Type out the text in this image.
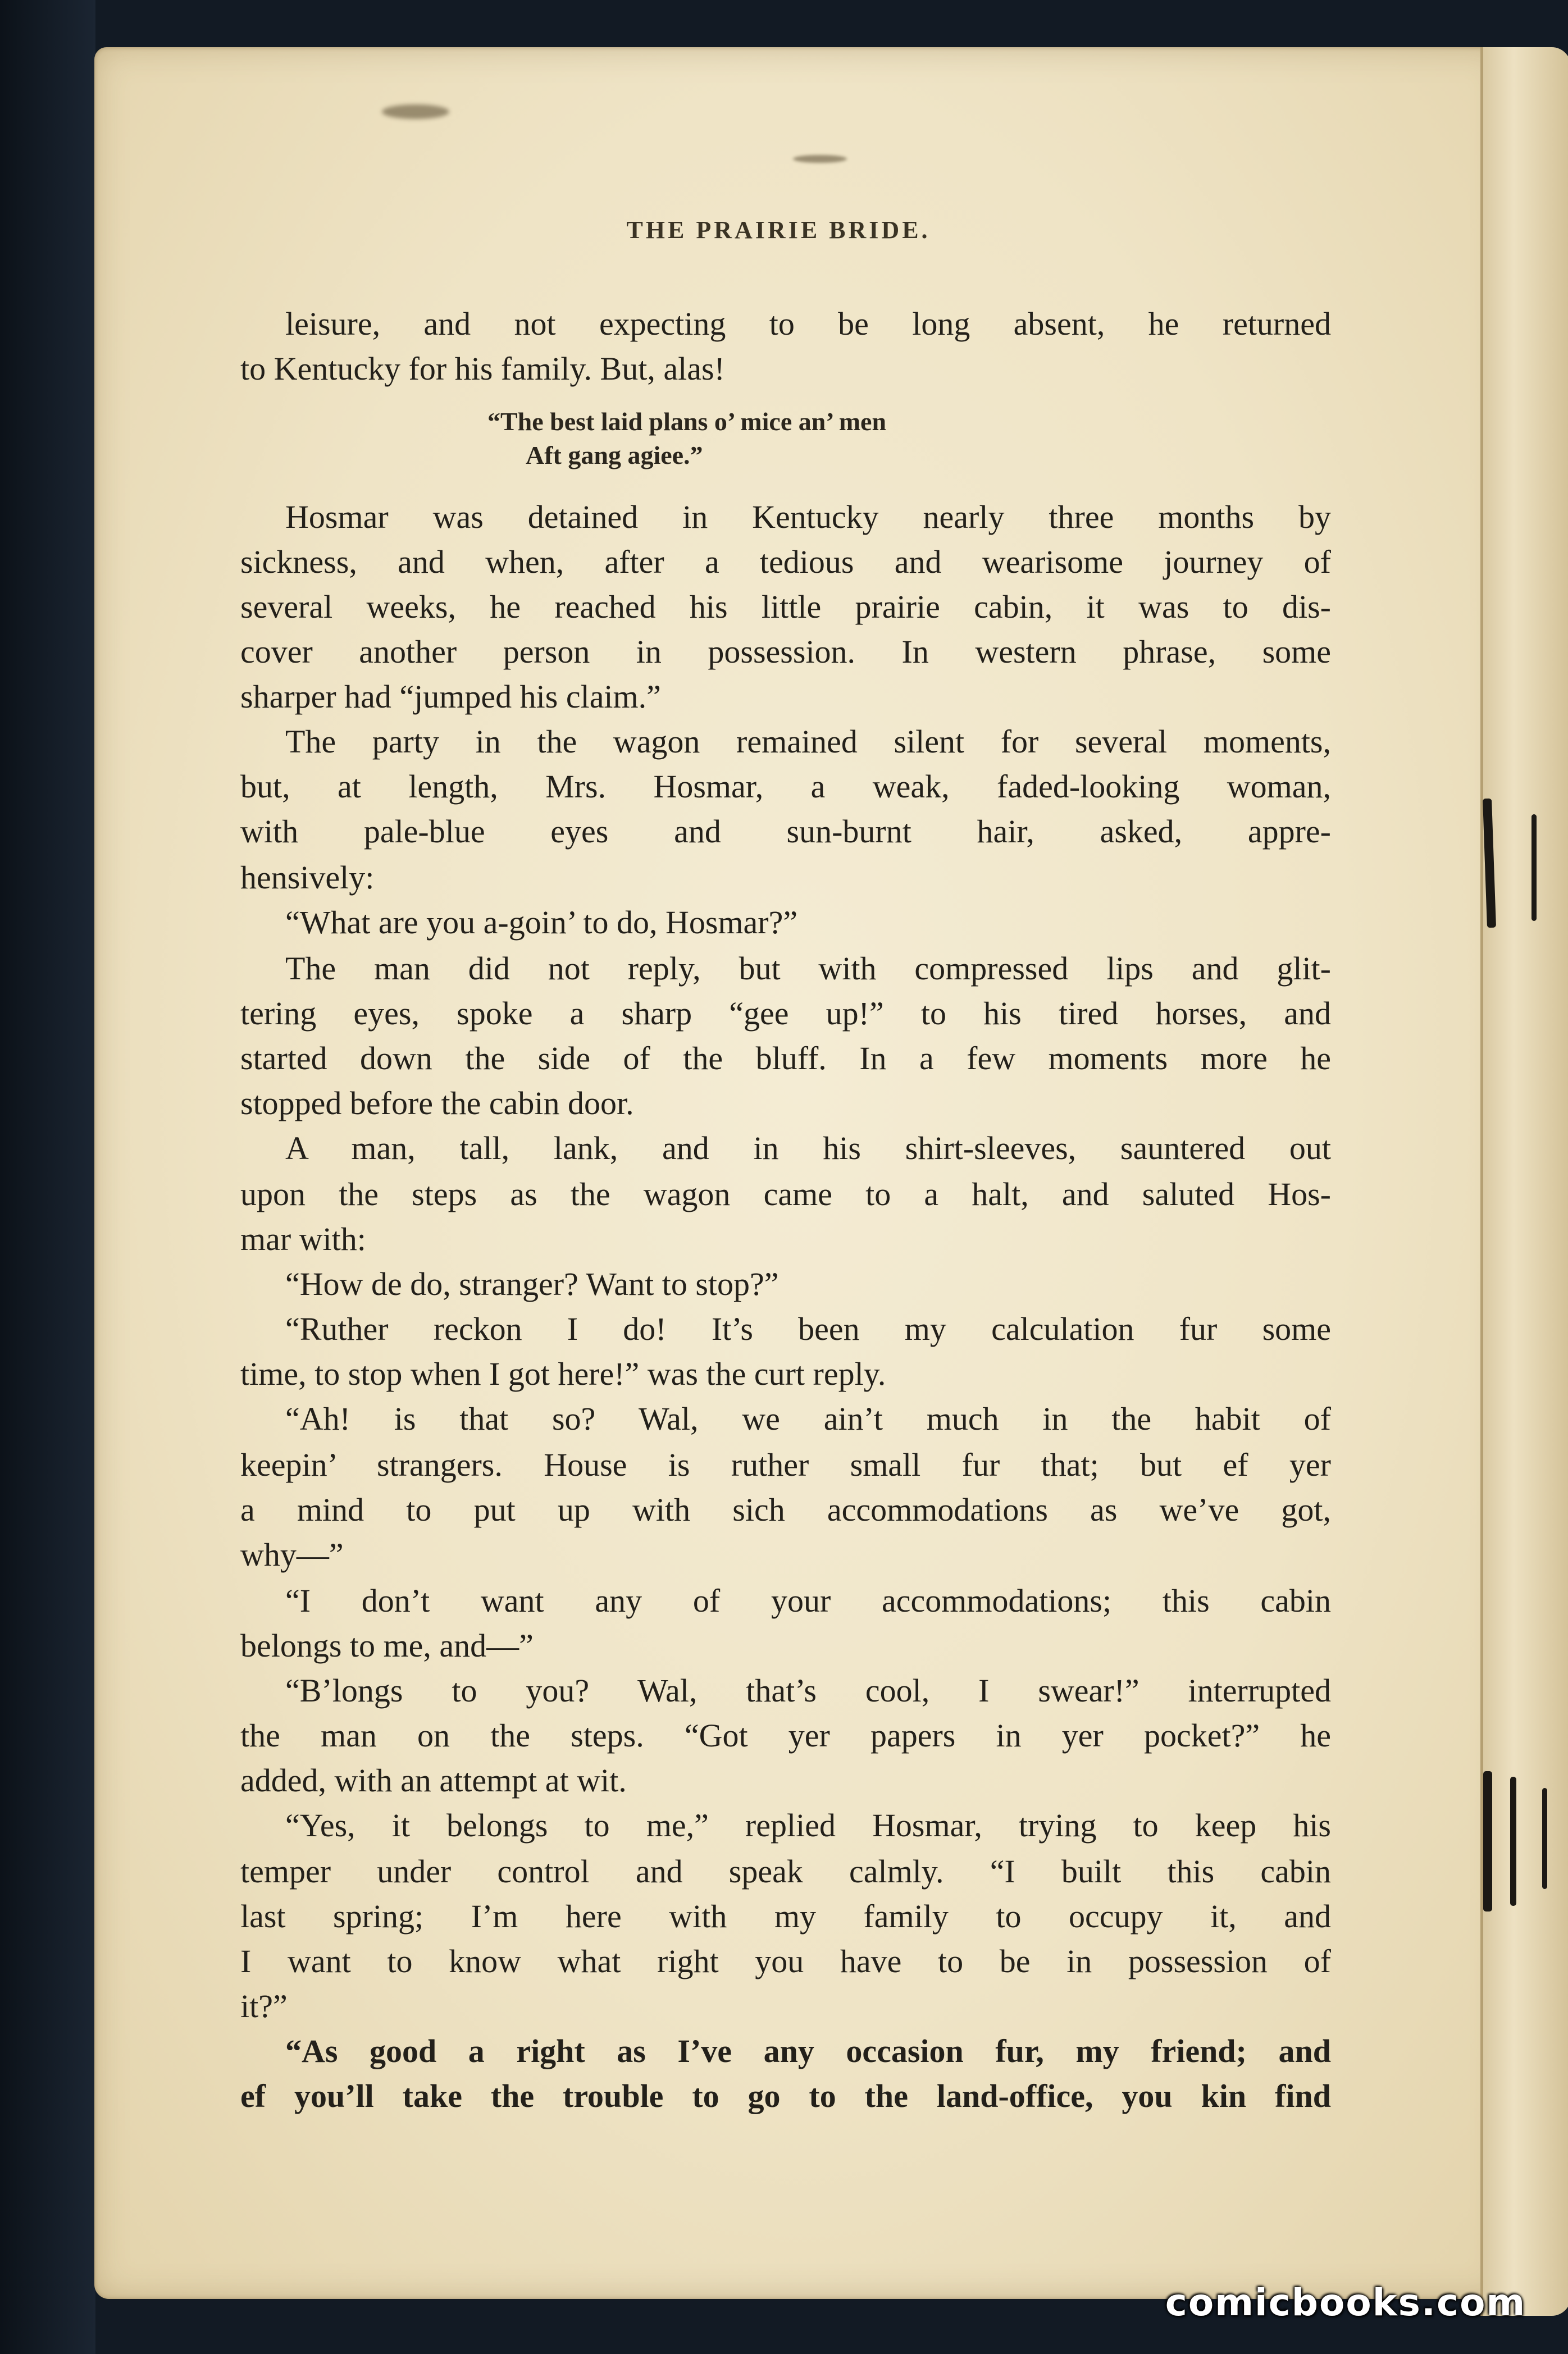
THE PRAIRIE BRIDE.
leisure, and not expecting to be long absent, he returned
to Kentucky for his family. But, alas!
Hosmar was detained in Kentucky nearly three months by
sickness, and when, after a tedious and wearisome journey of
several weeks, he reached his little prairie cabin, it was to dis-
cover another person in possession. In western phrase, some
sharper had “jumped his claim.”
The party in the wagon remained silent for several moments,
but, at length, Mrs. Hosmar, a weak, faded-looking woman,
with pale-blue eyes and sun-burnt hair, asked, appre-
hensively:
“What are you a-goin’ to do, Hosmar?”
The man did not reply, but with compressed lips and glit-
tering eyes, spoke a sharp “gee up!” to his tired horses, and
started down the side of the bluff. In a few moments more he
stopped before the cabin door.
A man, tall, lank, and in his shirt-sleeves, sauntered out
upon the steps as the wagon came to a halt, and saluted Hos-
mar with:
“How de do, stranger? Want to stop?”
“Ruther reckon I do! It’s been my calculation fur some
time, to stop when I got here!” was the curt reply.
“Ah! is that so? Wal, we ain’t much in the habit of
keepin’ strangers. House is ruther small fur that; but ef yer
a mind to put up with sich accommodations as we’ve got,
why—”
“I don’t want any of your accommodations; this cabin
belongs to me, and—”
“B’longs to you? Wal, that’s cool, I swear!” interrupted
the man on the steps. “Got yer papers in yer pocket?” he
added, with an attempt at wit.
“Yes, it belongs to me,” replied Hosmar, trying to keep his
temper under control and speak calmly. “I built this cabin
last spring; I’m here with my family to occupy it, and
I want to know what right you have to be in possession of
it?”
“As good a right as I’ve any occasion fur, my friend; and
ef you’ll take the trouble to go to the land-office, you kin find
“The best laid plans o’ mice an’ men
Aft gang agiee.”
comicbooks.com
